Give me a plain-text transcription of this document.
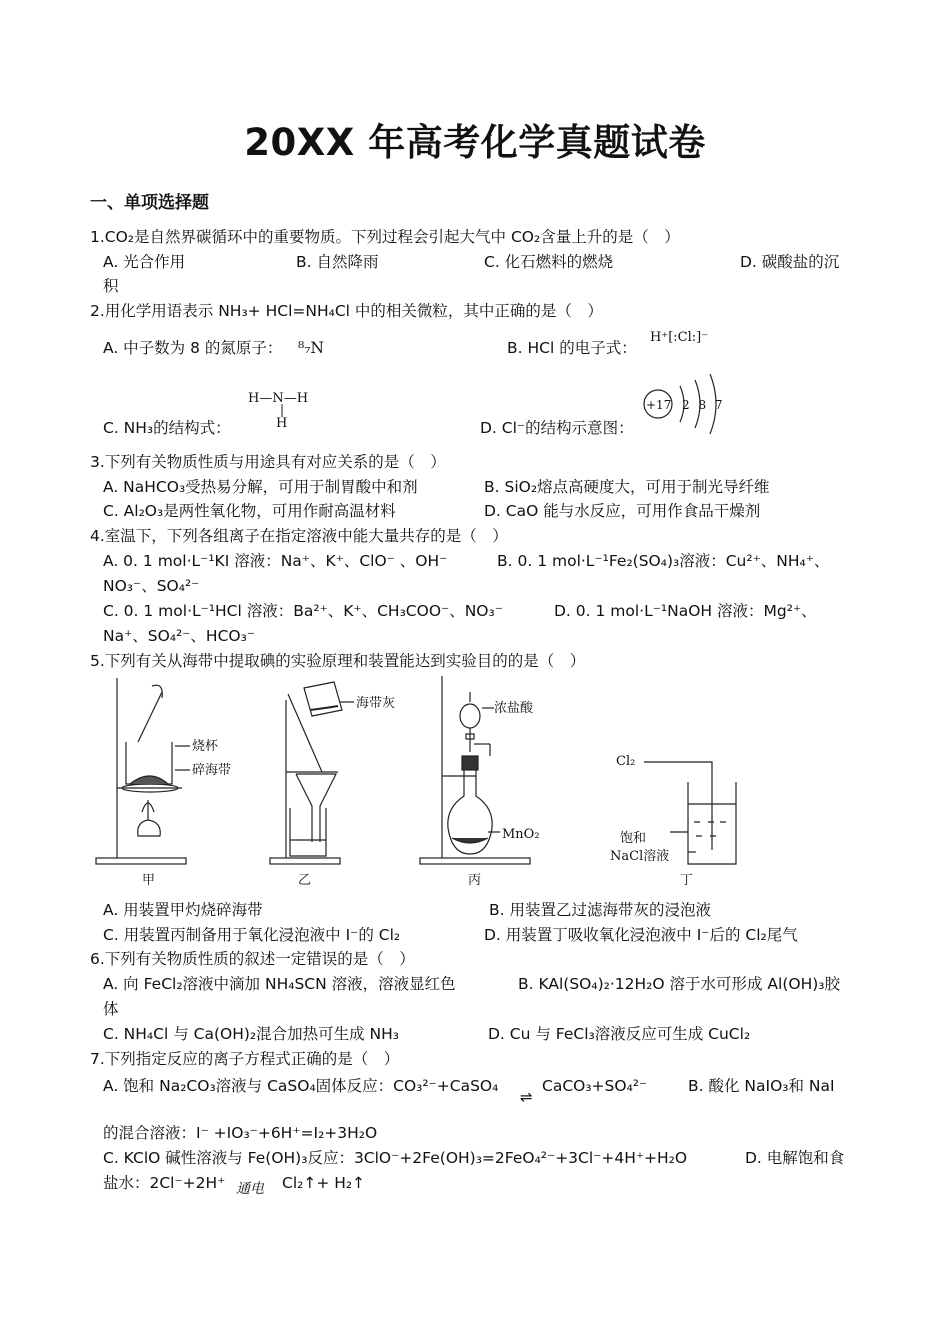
20XX 年高考化学真题试卷
一、单项选择题
1.CO₂是自然界碳循环中的重要物质。下列过程会引起大气中 CO₂含量上升的是（　）
A. 光合作用	B. 自然降雨	C. 化石燃料的燃烧	D. 碳酸盐的沉
积
2.用化学用语表示 NH₃+ HCl=NH₄Cl 中的相关微粒，其中正确的是（　）
A. 中子数为 8 的氮原子： ⁸₇N	B. HCl 的电子式：
H⁺[:Cl:]⁻
C. NH₃的结构式：
H—N—H
H	D. Cl⁻的结构示意图：
+17 2 8 7
3.下列有关物质性质与用途具有对应关系的是（　）
A. NaHCO₃受热易分解，可用于制胃酸中和剂	B. SiO₂熔点高硬度大，可用于制光导纤维
C. Al₂O₃是两性氧化物，可用作耐高温材料	D. CaO 能与水反应，可用作食品干燥剂
4.室温下，下列各组离子在指定溶液中能大量共存的是（　）
A. 0. 1 mol·L⁻¹KI 溶液：Na⁺、K⁺、ClO⁻ 、OH⁻	B. 0. 1 mol·L⁻¹Fe₂(SO₄)₃溶液：Cu²⁺、NH₄⁺、
NO₃⁻、SO₄²⁻
C. 0. 1 mol·L⁻¹HCl 溶液：Ba²⁺、K⁺、CH₃COO⁻、NO₃⁻	D. 0. 1 mol·L⁻¹NaOH 溶液：Mg²⁺、
Na⁺、SO₄²⁻、HCO₃⁻
5.下列有关从海带中提取碘的实验原理和装置能达到实验目的的是（　）
烧杯
碎海带
海带灰	浓盐酸
MnO₂
Cl₂
饱和
NaCl溶液
甲	乙	丙	丁
A. 用装置甲灼烧碎海带	B. 用装置乙过滤海带灰的浸泡液
C. 用装置丙制备用于氧化浸泡液中 I⁻的 Cl₂	D. 用装置丁吸收氧化浸泡液中 I⁻后的 Cl₂尾气
6.下列有关物质性质的叙述一定错误的是（　）
A. 向 FeCl₂溶液中滴加 NH₄SCN 溶液，溶液显红色	B. KAl(SO₄)₂·12H₂O 溶于水可形成 Al(OH)₃胶
体
C. NH₄Cl 与 Ca(OH)₂混合加热可生成 NH₃	D. Cu 与 FeCl₃溶液反应可生成 CuCl₂
7.下列指定反应的离子方程式正确的是（　）
A. 饱和 Na₂CO₃溶液与 CaSO₄固体反应：CO₃²⁻+CaSO₄
⇌
CaCO₃+SO₄²⁻	B. 酸化 NaIO₃和 NaI
的混合溶液：I⁻ +IO₃⁻+6H⁺=I₂+3H₂O
C. KClO 碱性溶液与 Fe(OH)₃反应：3ClO⁻+2Fe(OH)₃=2FeO₄²⁻+3Cl⁻+4H⁺+H₂O	D. 电解饱和食
盐水：2Cl⁻+2H⁺ 通电 Cl₂↑+ H₂↑
